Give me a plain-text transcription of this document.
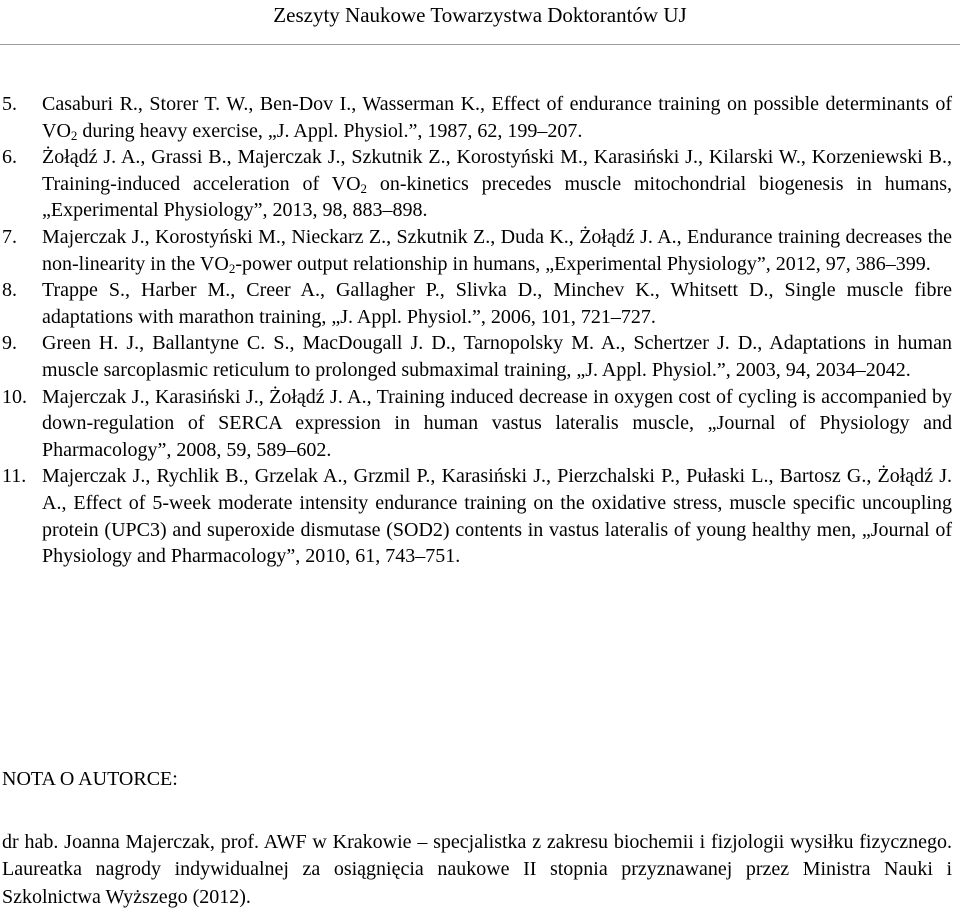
Zeszyty Naukowe Towarzystwa Doktorantów UJ
5. Casaburi R., Storer T. W., Ben-Dov I., Wasserman K., Effect of endurance training on possible determinants of $VO_2$ during heavy exercise, „J. Appl. Physiol.”, 1987, 62, 199–207.
6. Żołądź J. A., Grassi B., Majerczak J., Szkutnik Z., Korostyński M., Karasiński J., Kilarski W., Korzeniewski B., Training-induced acceleration of $VO_2$ on-kinetics precedes muscle mitochondrial biogenesis in humans, „Experimental Physiology”, 2013, 98, 883–898.
7. Majerczak J., Korostyński M., Nieckarz Z., Szkutnik Z., Duda K., Żołądź J. A., Endurance training decreases the non-linearity in the $VO_2$-power output relationship in humans, „Experimental Physiology”, 2012, 97, 386–399.
8. Trappe S., Harber M., Creer A., Gallagher P., Slivka D., Minchev K., Whitsett D., Single muscle fibre adaptations with marathon training, „J. Appl. Physiol.”, 2006, 101, 721–727.
9. Green H. J., Ballantyne C. S., MacDougall J. D., Tarnopolsky M. A., Schertzer J. D., Adaptations in human muscle sarcoplasmic reticulum to prolonged submaximal training, „J. Appl. Physiol.”, 2003, 94, 2034–2042.
10. Majerczak J., Karasiński J., Żołądź J. A., Training induced decrease in oxygen cost of cycling is accompanied by down-regulation of SERCA expression in human vastus lateralis muscle, „Journal of Physiology and Pharmacology”, 2008, 59, 589–602.
11. Majerczak J., Rychlik B., Grzelak A., Grzmil P., Karasiński J., Pierzchalski P., Pułaski L., Bartosz G., Żołądź J. A., Effect of 5-week moderate intensity endurance training on the oxidative stress, muscle specific uncoupling protein (UPC3) and superoxide dismutase (SOD2) contents in vastus lateralis of young healthy men, „Journal of Physiology and Pharmacology”, 2010, 61, 743–751.
NOTA O AUTORCE:
dr hab. Joanna Majerczak, prof. AWF w Krakowie – specjalistka z zakresu biochemii i fizjologii wysiłku fizycznego. Laureatka nagrody indywidualnej za osiągnięcia naukowe II stopnia przyznawanej przez Ministra Nauki i Szkolnictwa Wyższego (2012).
